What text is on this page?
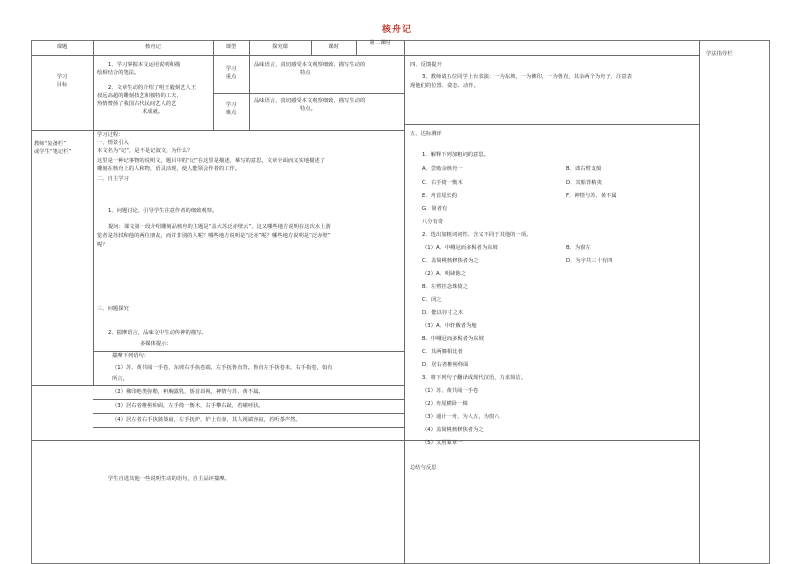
核舟记
课题	核舟记	课型	探究课	课时
第二课时
学法指导栏
学习
目标
1、学习掌握本文运用说明和描
绘相结合的笔法。
2、文章生动的介绍了明王毅刻艺人王
叔远高超的雕刻技艺和独特的工夫，
热情赞扬了我国古代民间艺人的艺
术成就。
学习
重点
品味语言，真切感受本文观察细致、描写生动的
特点
学习
难点
品味语言，真切感受本文观察细致、描写生动的
特点。
教师“复备栏”
或学生“笔记栏”
学习过程：
一、情景引入
本文名为“记”，是不是记叙文，为什么？
这里是一种记事物的说明文，题目中的“记”在这里是描述、摹写的意思。文章全面而又实地描述了
雕刻在核舟上的人和物，语灵活现，使人能领会作者的工作。
二、自主学习
1、问题讨论，引导学生注意作者的细致观察。
提问：课文第一段介绍雕刻品核舟的主题是“盖大苏泛赤壁云”，这又哪些地方说明在这次水上游
览者是苏轼和他的两位朋友，而并非别的人呢？哪些地方说明是“泛赤”呢？哪些地方说明是“泛赤壁”
呢？
三、问题探究
2、揣摩语言，品味文中生动传神的描写。
多媒体提示：
揣摩下列语句：
（1）苏、黄共阅一手卷，东坡右手执卷端，左手抚鲁直背。鲁直左手执卷末，右手指卷，如有
所言。
（2）佛印绝类弥勒，袒胸露乳，矫首昂视，神情与苏、黄不属。
（3）居右者椎髻仰面，左手倚一衡木，右手攀右趾，若啸呼状。
（4）居左者右手执蒲葵扇，左手抚炉，炉上有壶，其人视端容寂，若听茶声然。
学生自选其他一些说明生动的语句，自主品评揣摩。
四、反馈提升
3、教师请五位同学上台表演：一为东坡，一为佛印，一为鲁直，其余两个为舟子，注意表
现他们的位置、姿态、动作。
五、达标测评
1．解释下列加粗词的意思。
A．尝贻余核舟一	B．诎右臂支船
C．右手倚一衡木	D．其船背稍夷
E．舟首尾长约	F．神情与苏、黄不属
G．简者有
八分有奇
2．选出加粗词词性、含义不同于其他的一项。
（1）A．中峨冠而多髯者为东坡	B．为窗左
C．盖简桃核修狭者为之	D．为字共三十有四
（2）A．明肆陈之
B．左臂挂念珠倚之
C．闭之
D．能以径寸之木
（3）A．中轩敞者为舱
B．中峨冠而多髯者为东坡
C．其两膝相比者
D．居右者椎髻仰面
3．将下列句子翻译成现代汉语，力求简洁。
（1）苏、黄共阅一手卷
（2）舟尾横卧一楫
（3）通计一舟，为人五，为窗八
（4）盖简桃核修狭者为之
（5）又用篆章一
总结与反思
